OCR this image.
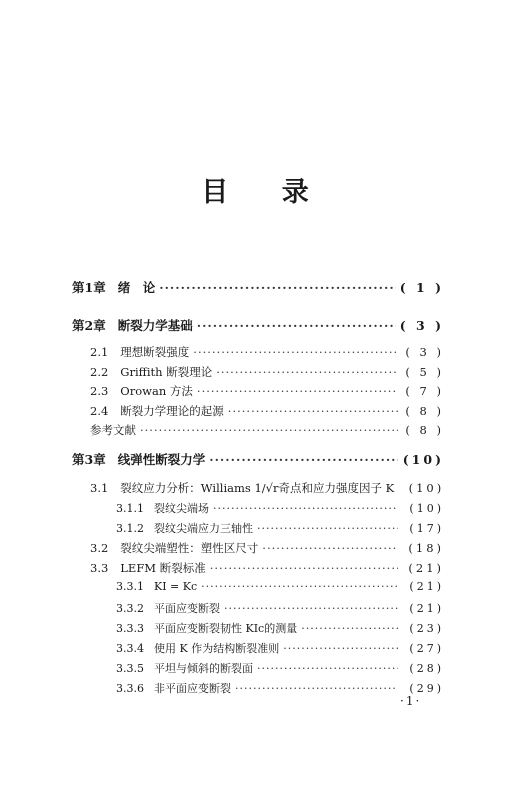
目 录
第1章 绪　论 ·····	( 1 )
第2章 断裂力学基础 ·····	( 3 )
2.1 理想断裂强度 ·····	( 3 )
2.2 Griffith 断裂理论 ·····	( 5 )
2.3 Orowan 方法 ·····	( 7 )
2.4 断裂力学理论的起源 ·····	( 8 )
参考文献 ·····	( 8 )
第3章 线弹性断裂力学 ·····	(10)
3.1 裂纹应力分析：Williams 1/√r奇点和应力强度因子 K	(10)
3.1.1 裂纹尖端场 ·····	(10)
3.1.2 裂纹尖端应力三轴性 ·····	(17)
3.2 裂纹尖端塑性：塑性区尺寸 ·····	(18)
3.3 LEFM 断裂标准 ·····	(21)
3.3.1 KI = Kc ·····	(21)
3.3.2 平面应变断裂 ·····	(21)
3.3.3 平面应变断裂韧性 KIc的测量 ·····	(23)
3.3.4 使用 K 作为结构断裂准则 ·····	(27)
3.3.5 平坦与倾斜的断裂面 ·····	(28)
3.3.6 非平面应变断裂 ·····	(29)
·1·
